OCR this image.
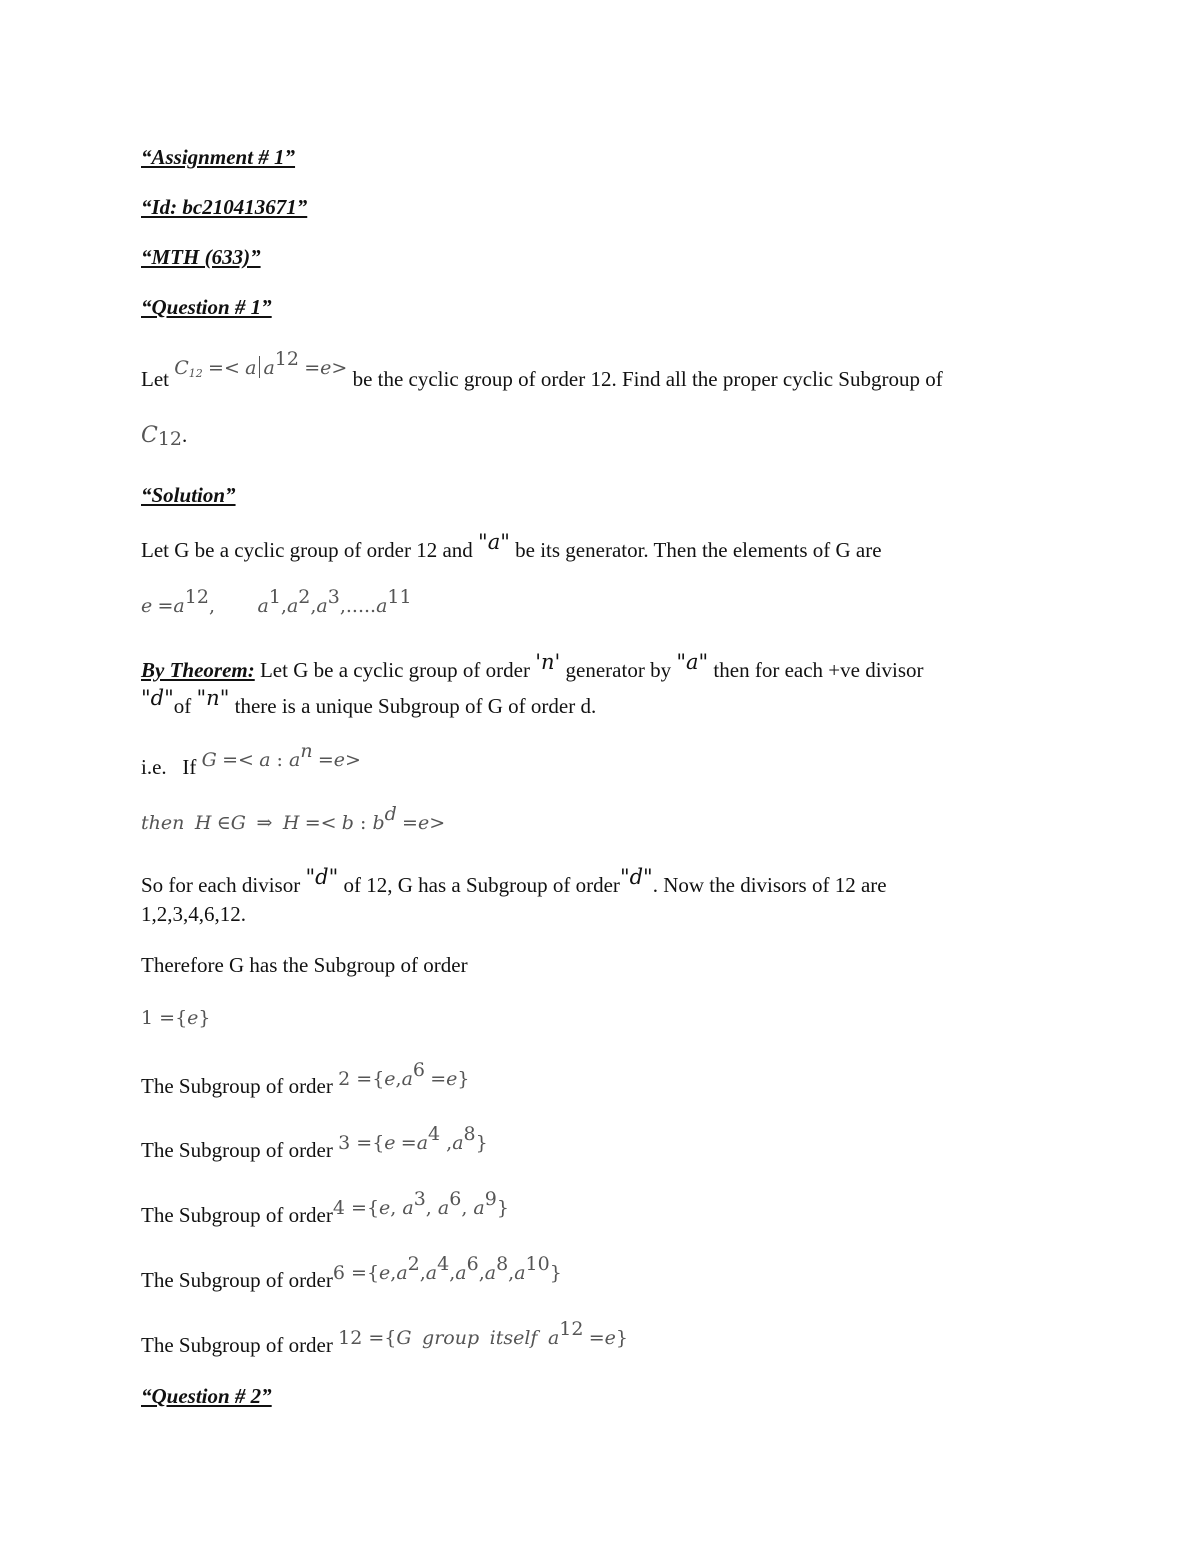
“Assignment # 1”
“Id: bc210413671”
“MTH (633)”
“Question # 1”
Let $C_{12} =< a$ $a^{12} =e>$ be the cyclic group of order 12. Find all the proper cyclic Subgroup of
$C_{12}$.
“Solution”
Let G be a cyclic group of order 12 and "a" be its generator. Then the elements of G are
$e =a^{12}$, $a^1,a^2,a^3,.....a^{11}$
By Theorem: Let G be a cyclic group of order 'n' generator by "a" then for each +ve divisor
"d"of "n" there is a unique Subgroup of G of order d.
i.e. If G =< a : $a^n =e>$
then H ∈G ⇒ H =< b : $b^d =e>$
So for each divisor "d" of 12, G has a Subgroup of order"d". Now the divisors of 12 are
1,2,3,4,6,12.
Therefore G has the Subgroup of order
1 ={e}
The Subgroup of order $2 =\{e,a^6 =e\}$
The Subgroup of order $3 =\{e =a^4$ $,a^8$}
The Subgroup of order4 ={e, $a^3$, $a^6$, $a^9$}
The Subgroup of order6 $=\{e,a^2,a^4,a^6,a^8,a^{10}\}$
The Subgroup of order 12 ={G group itself $a^{12} =e$}
“Question # 2”
